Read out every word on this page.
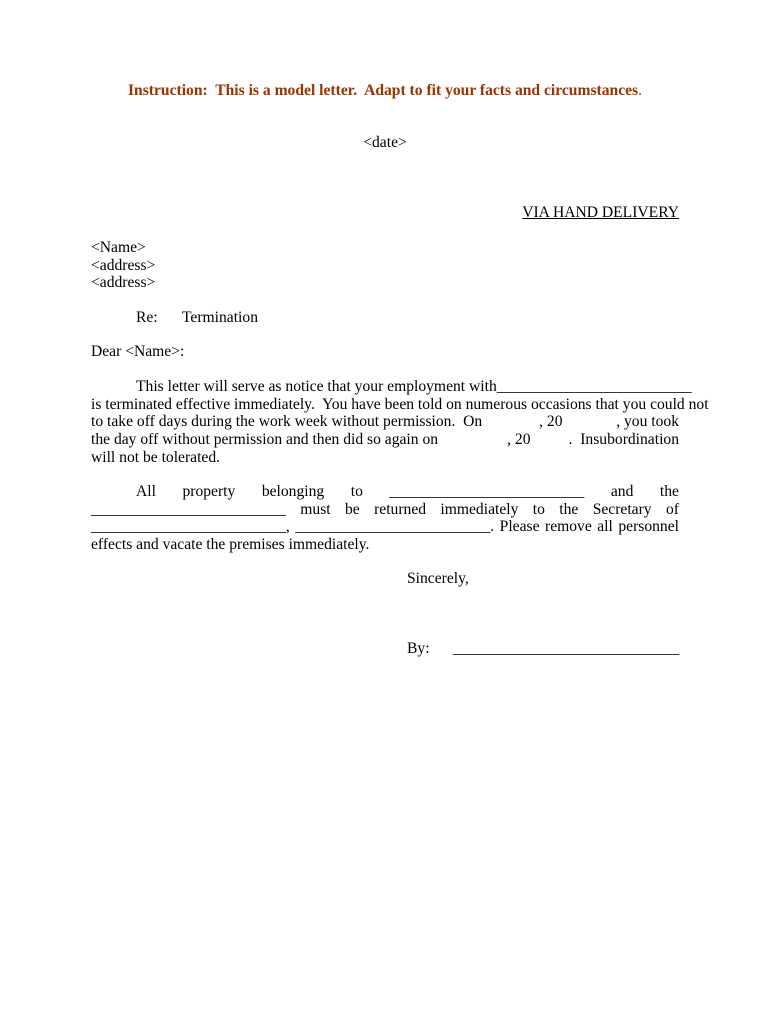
Instruction:  This is a model letter.  Adapt to fit your facts and circumstances.
<date>
VIA HAND DELIVERY
<Name>
<address>
<address>
Re: Termination
Dear <Name>:
This letter will serve as notice that your employment with _________________________
is terminated effective immediately.  You have been told on numerous occasions that you could not
to take off days during the work week without permission.  On	, 20	, you took
the day off without permission and then did so again on	, 20	.  Insubordination
will not be tolerated.
All property belonging to _________________________ and the
_________________________ must be returned immediately to the Secretary of
_________________________, _________________________. Please remove all personnel
effects and vacate the premises immediately.
Sincerely,
By: _____________________________
